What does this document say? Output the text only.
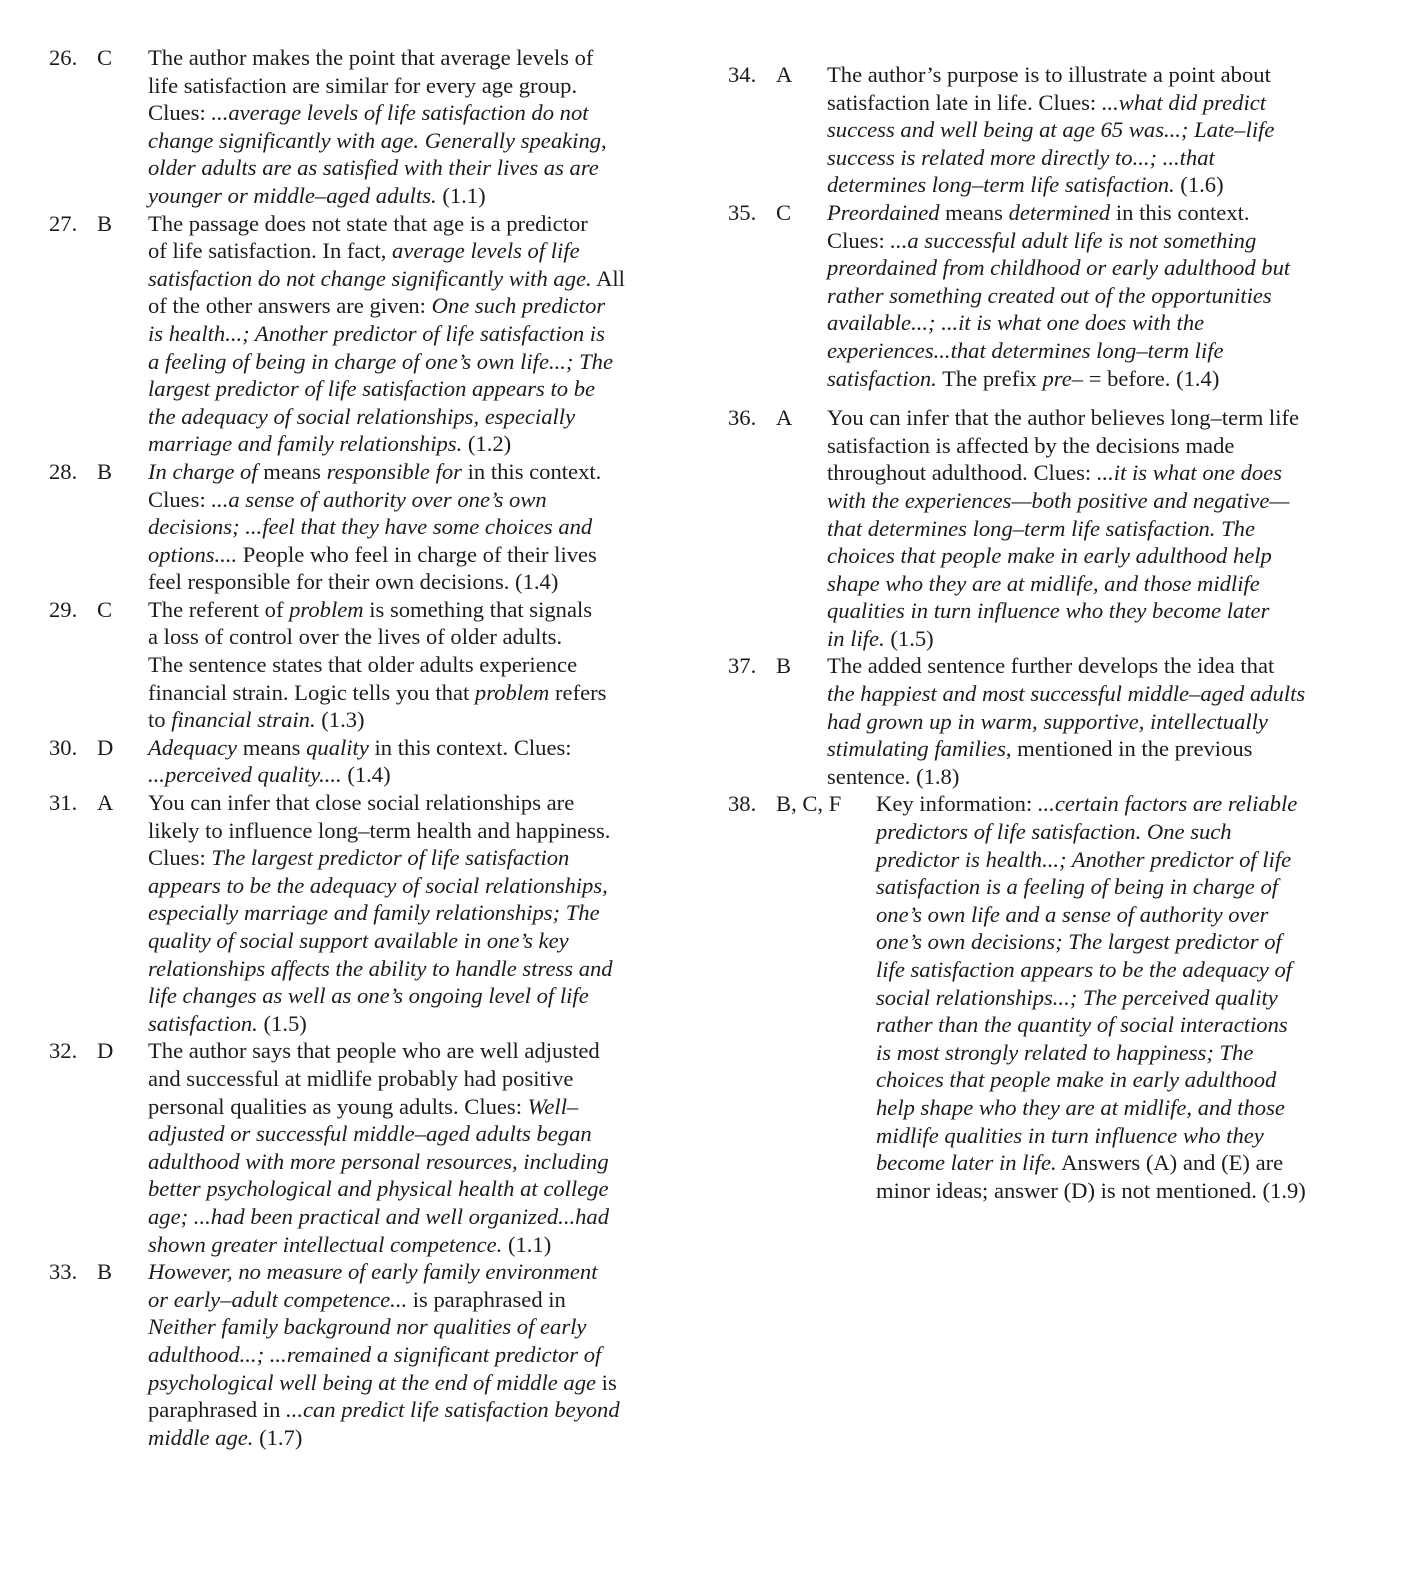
26. C	The author makes the point that average levels of
life satisfaction are similar for every age group.
Clues: ...average levels of life satisfaction do not
change significantly with age. Generally speaking,
older adults are as satisfied with their lives as are
younger or middle–aged adults. (1.1)
27. B	The passage does not state that age is a predictor
of life satisfaction. In fact, average levels of life
satisfaction do not change significantly with age. All
of the other answers are given: One such predictor
is health...; Another predictor of life satisfaction is
a feeling of being in charge of one’s own life...; The
largest predictor of life satisfaction appears to be
the adequacy of social relationships, especially
marriage and family relationships. (1.2)
28. B	In charge of means responsible for in this context.
Clues: ...a sense of authority over one’s own
decisions; ...feel that they have some choices and
options.... People who feel in charge of their lives
feel responsible for their own decisions. (1.4)
29. C	The referent of problem is something that signals
a loss of control over the lives of older adults.
The sentence states that older adults experience
financial strain. Logic tells you that problem refers
to financial strain. (1.3)
30. D	Adequacy means quality in this context. Clues:
...perceived quality.... (1.4)
31. A	You can infer that close social relationships are
likely to influence long–term health and happiness.
Clues: The largest predictor of life satisfaction
appears to be the adequacy of social relationships,
especially marriage and family relationships; The
quality of social support available in one’s key
relationships affects the ability to handle stress and
life changes as well as one’s ongoing level of life
satisfaction. (1.5)
32. D	The author says that people who are well adjusted
and successful at midlife probably had positive
personal qualities as young adults. Clues: Well–
adjusted or successful middle–aged adults began
adulthood with more personal resources, including
better psychological and physical health at college
age; ...had been practical and well organized...had
shown greater intellectual competence. (1.1)
33. B	However, no measure of early family environment
or early–adult competence... is paraphrased in
Neither family background nor qualities of early
adulthood...; ...remained a significant predictor of
psychological well being at the end of middle age is
paraphrased in ...can predict life satisfaction beyond
middle age. (1.7)
34. A	The author’s purpose is to illustrate a point about
satisfaction late in life. Clues: ...what did predict
success and well being at age 65 was...; Late–life
success is related more directly to...; ...that
determines long–term life satisfaction. (1.6)
35. C	Preordained means determined in this context.
Clues: ...a successful adult life is not something
preordained from childhood or early adulthood but
rather something created out of the opportunities
available...; ...it is what one does with the
experiences...that determines long–term life
satisfaction. The prefix pre– = before. (1.4)
36. A	You can infer that the author believes long–term life
satisfaction is affected by the decisions made
throughout adulthood. Clues: ...it is what one does
with the experiences—both positive and negative—
that determines long–term life satisfaction. The
choices that people make in early adulthood help
shape who they are at midlife, and those midlife
qualities in turn influence who they become later
in life. (1.5)
37. B	The added sentence further develops the idea that
the happiest and most successful middle–aged adults
had grown up in warm, supportive, intellectually
stimulating families, mentioned in the previous
sentence. (1.8)
38. B, C, F	Key information: ...certain factors are reliable
predictors of life satisfaction. One such
predictor is health...; Another predictor of life
satisfaction is a feeling of being in charge of
one’s own life and a sense of authority over
one’s own decisions; The largest predictor of
life satisfaction appears to be the adequacy of
social relationships...; The perceived quality
rather than the quantity of social interactions
is most strongly related to happiness; The
choices that people make in early adulthood
help shape who they are at midlife, and those
midlife qualities in turn influence who they
become later in life. Answers (A) and (E) are
minor ideas; answer (D) is not mentioned. (1.9)
